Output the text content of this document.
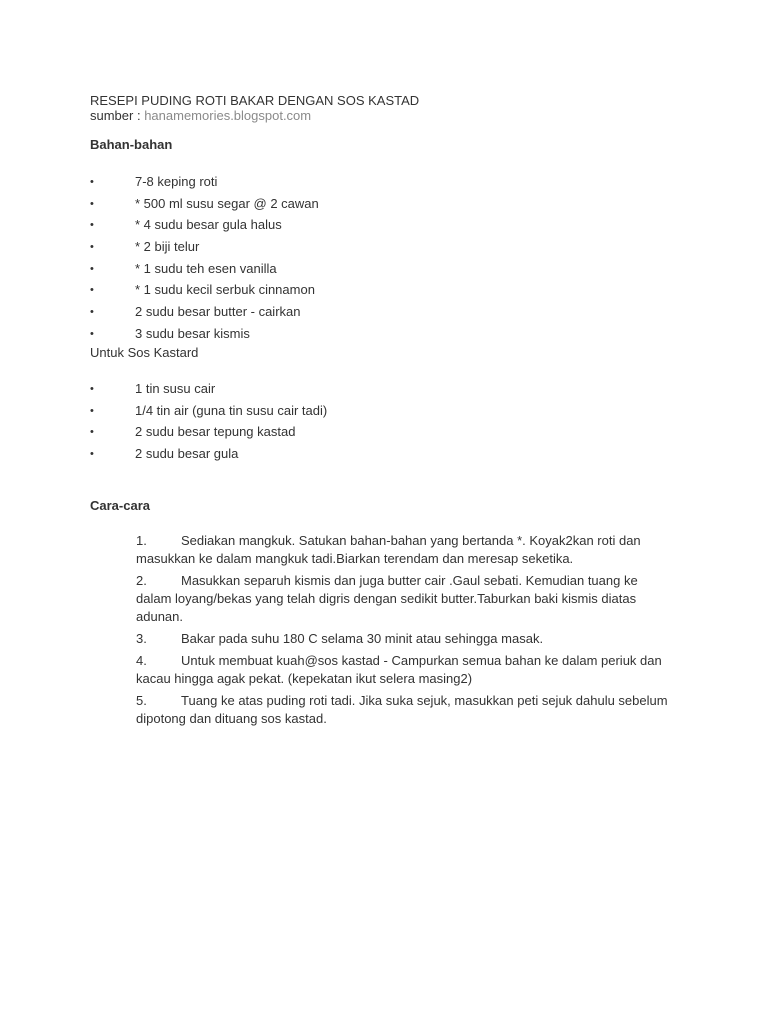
RESEPI PUDING ROTI BAKAR DENGAN SOS KASTAD
sumber : hanamemories.blogspot.com
Bahan-bahan
•	7-8 keping roti
•	* 500 ml susu segar @ 2 cawan
•	* 4 sudu besar gula halus
•	* 2 biji telur
•	* 1 sudu teh esen vanilla
•	* 1 sudu kecil serbuk cinnamon
•	2 sudu besar butter - cairkan
•	3 sudu besar kismis
Untuk Sos Kastard
•	1 tin susu cair
•	1/4 tin air (guna tin susu cair tadi)
•	2 sudu besar tepung kastad
•	2 sudu besar gula
Cara-cara
1.	Sediakan mangkuk. Satukan bahan-bahan yang bertanda *. Koyak2kan roti dan masukkan ke dalam mangkuk tadi.Biarkan terendam dan meresap seketika.
2.	Masukkan separuh kismis dan juga butter cair .Gaul sebati. Kemudian tuang ke dalam loyang/bekas yang telah digris dengan sedikit butter.Taburkan baki kismis diatas adunan.
3.	Bakar pada suhu 180 C selama 30 minit atau sehingga masak.
4.	Untuk membuat kuah@sos kastad - Campurkan semua bahan ke dalam periuk dan kacau hingga agak pekat. (kepekatan ikut selera masing2)
5.	Tuang ke atas puding roti tadi. Jika suka sejuk, masukkan peti sejuk dahulu sebelum dipotong dan dituang sos kastad.
